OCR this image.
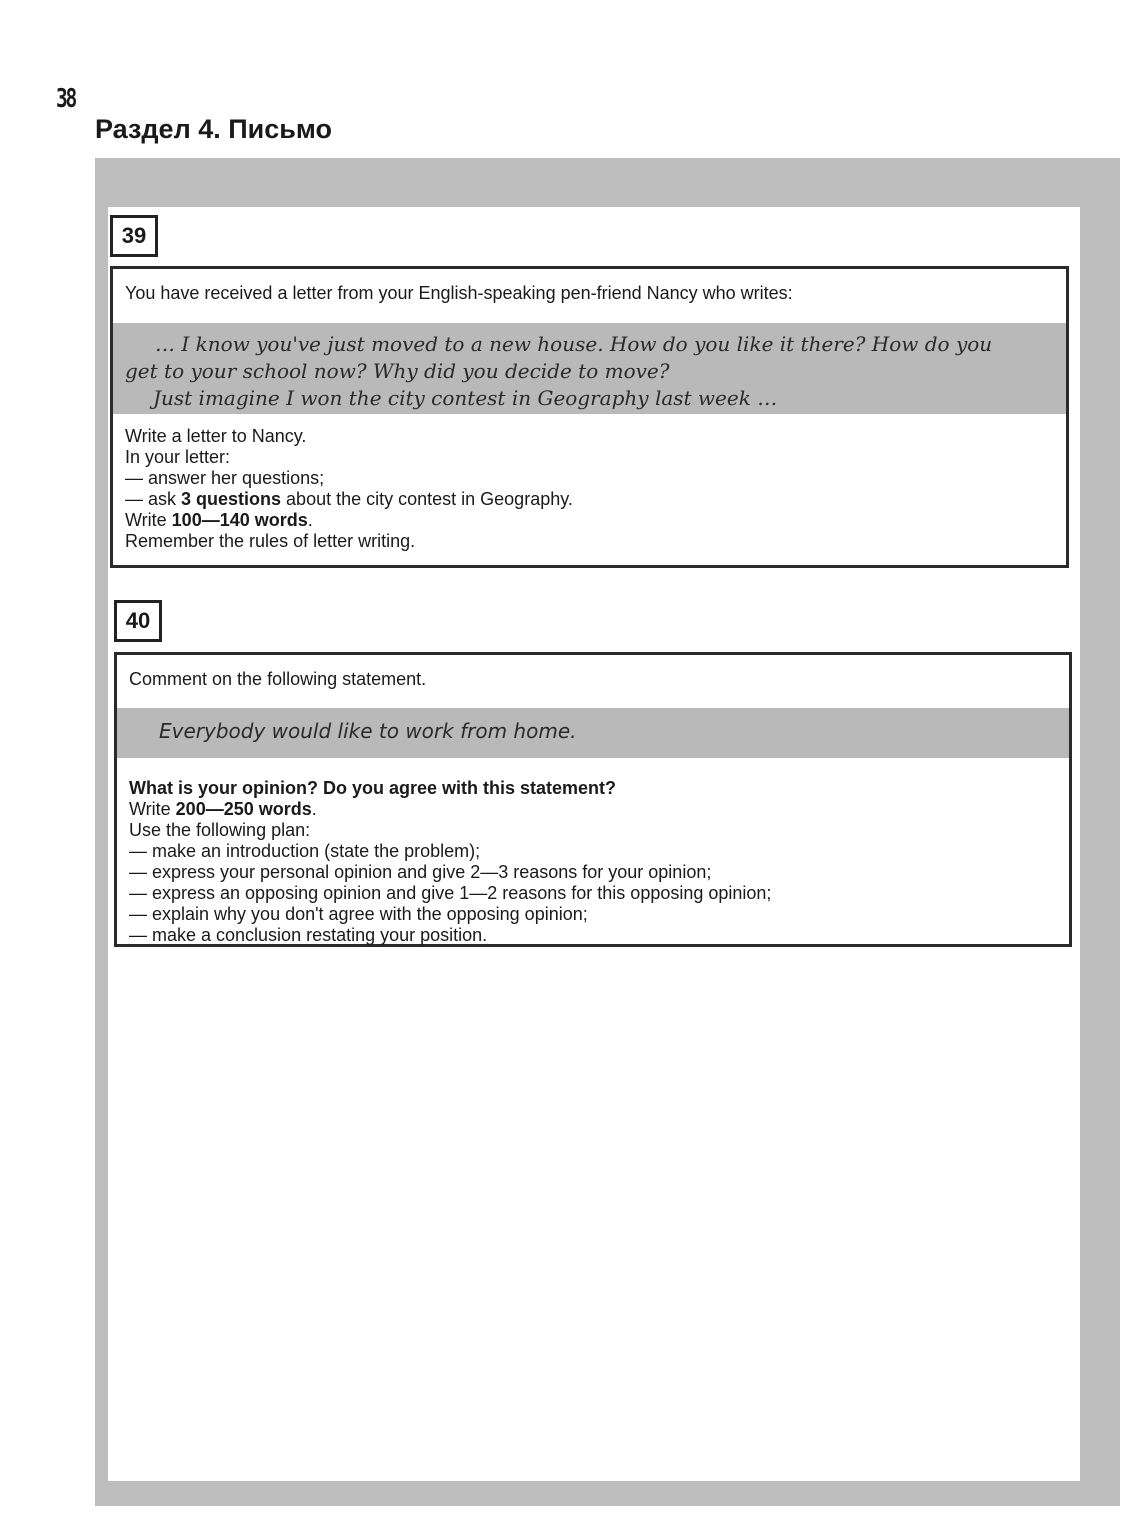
38
Раздел 4. Письмо
39
You have received a letter from your English-speaking pen-friend Nancy who writes:
… I know you've just moved to a new house. How do you like it there? How do you
get to your school now? Why did you decide to move?
Just imagine I won the city contest in Geography last week …
Write a letter to Nancy.
In your letter:
— answer her questions;
— ask 3 questions about the city contest in Geography.
Write 100—140 words.
Remember the rules of letter writing.
40
Comment on the following statement.
Everybody would like to work from home.
What is your opinion? Do you agree with this statement?
Write 200—250 words.
Use the following plan:
— make an introduction (state the problem);
— express your personal opinion and give 2—3 reasons for your opinion;
— express an opposing opinion and give 1—2 reasons for this opposing opinion;
— explain why you don't agree with the opposing opinion;
— make a conclusion restating your position.
